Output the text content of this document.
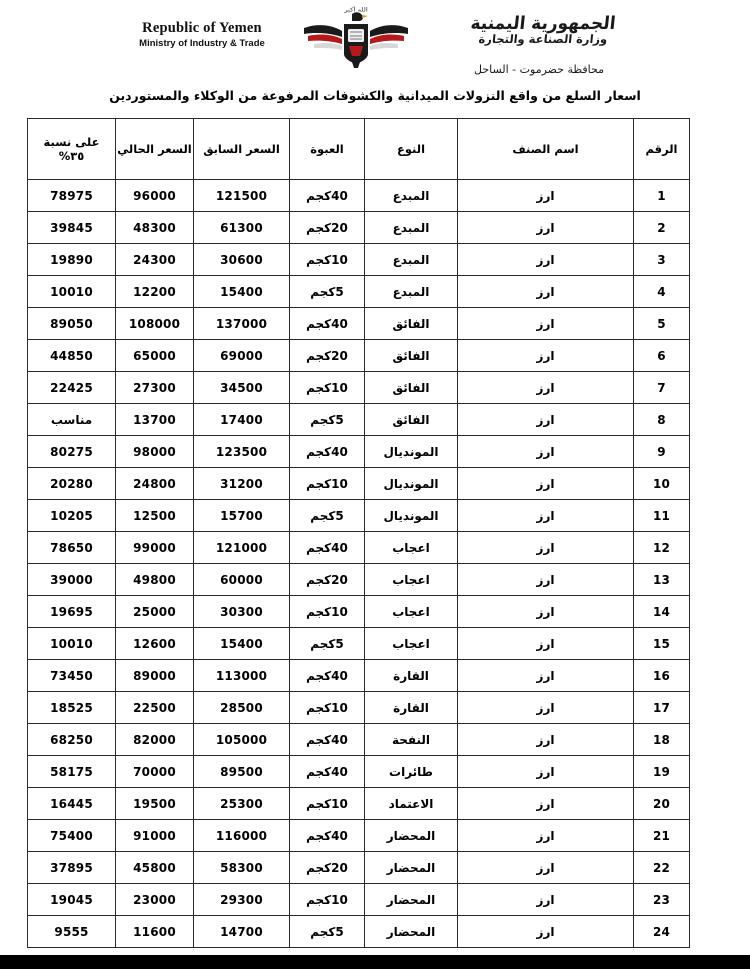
Republic of Yemen
Ministry of Industry & Trade
الله أكبر
الجمهورية اليمنية
وزارة الصناعة والتجارة
محافظة حضرموت - الساحل
اسعار السلع من واقع النزولات الميدانية والكشوفات المرفوعة من الوكلاء والمستوردين
الرقم	اسم الصنف	النوع	العبوة	السعر السابق	السعر الحالي	على نسبة
٣٥%
1	ارز	المبدع	40كجم	121500	96000	78975
2	ارز	المبدع	20كجم	61300	48300	39845
3	ارز	المبدع	10كجم	30600	24300	19890
4	ارز	المبدع	5كجم	15400	12200	10010
5	ارز	الفائق	40كجم	137000	108000	89050
6	ارز	الفائق	20كجم	69000	65000	44850
7	ارز	الفائق	10كجم	34500	27300	22425
8	ارز	الفائق	5كجم	17400	13700	مناسب
9	ارز	المونديال	40كجم	123500	98000	80275
10	ارز	المونديال	10كجم	31200	24800	20280
11	ارز	المونديال	5كجم	15700	12500	10205
12	ارز	اعجاب	40كجم	121000	99000	78650
13	ارز	اعجاب	20كجم	60000	49800	39000
14	ارز	اعجاب	10كجم	30300	25000	19695
15	ارز	اعجاب	5كجم	15400	12600	10010
16	ارز	القارة	40كجم	113000	89000	73450
17	ارز	القارة	10كجم	28500	22500	18525
18	ارز	النفحة	40كجم	105000	82000	68250
19	ارز	طائرات	40كجم	89500	70000	58175
20	ارز	الاعتماد	10كجم	25300	19500	16445
21	ارز	المحضار	40كجم	116000	91000	75400
22	ارز	المحضار	20كجم	58300	45800	37895
23	ارز	المحضار	10كجم	29300	23000	19045
24	ارز	المحضار	5كجم	14700	11600	9555
